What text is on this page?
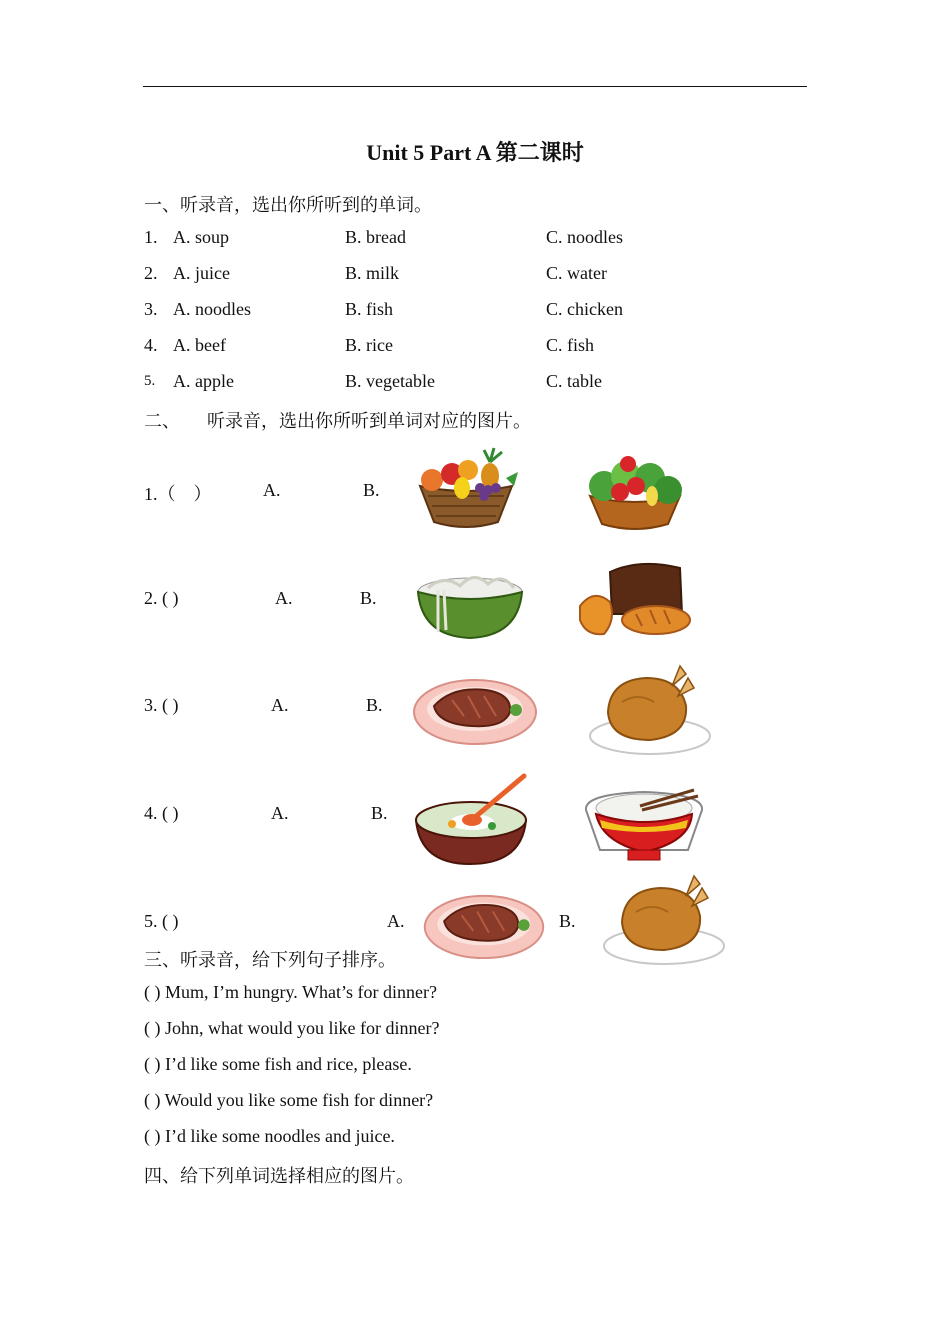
Unit 5 Part A 第二课时
一、听录音，选出你所听到的单词。
1. A. soup	B. bread	C. noodles
2. A. juice	B. milk	C. water
3. A. noodles	B. fish	C. chicken
4. A. beef	B. rice	C. fish
5. A. apple	B. vegetable	C. table
二、　　听录音，选出你所听到单词对应的图片。
1.（　）	A.	B.
2. ( )	A.	B.
3. ( )	A.	B.
4. ( )	A.	B.
5. ( )	A.	B.
三、听录音，给下列句子排序。
( ) Mum, I’m hungry. What’s for dinner?
( ) John, what would you like for dinner?
( ) I’d like some fish and rice, please.
( ) Would you like some fish for dinner?
( ) I’d like some noodles and juice.
四、给下列单词选择相应的图片。
